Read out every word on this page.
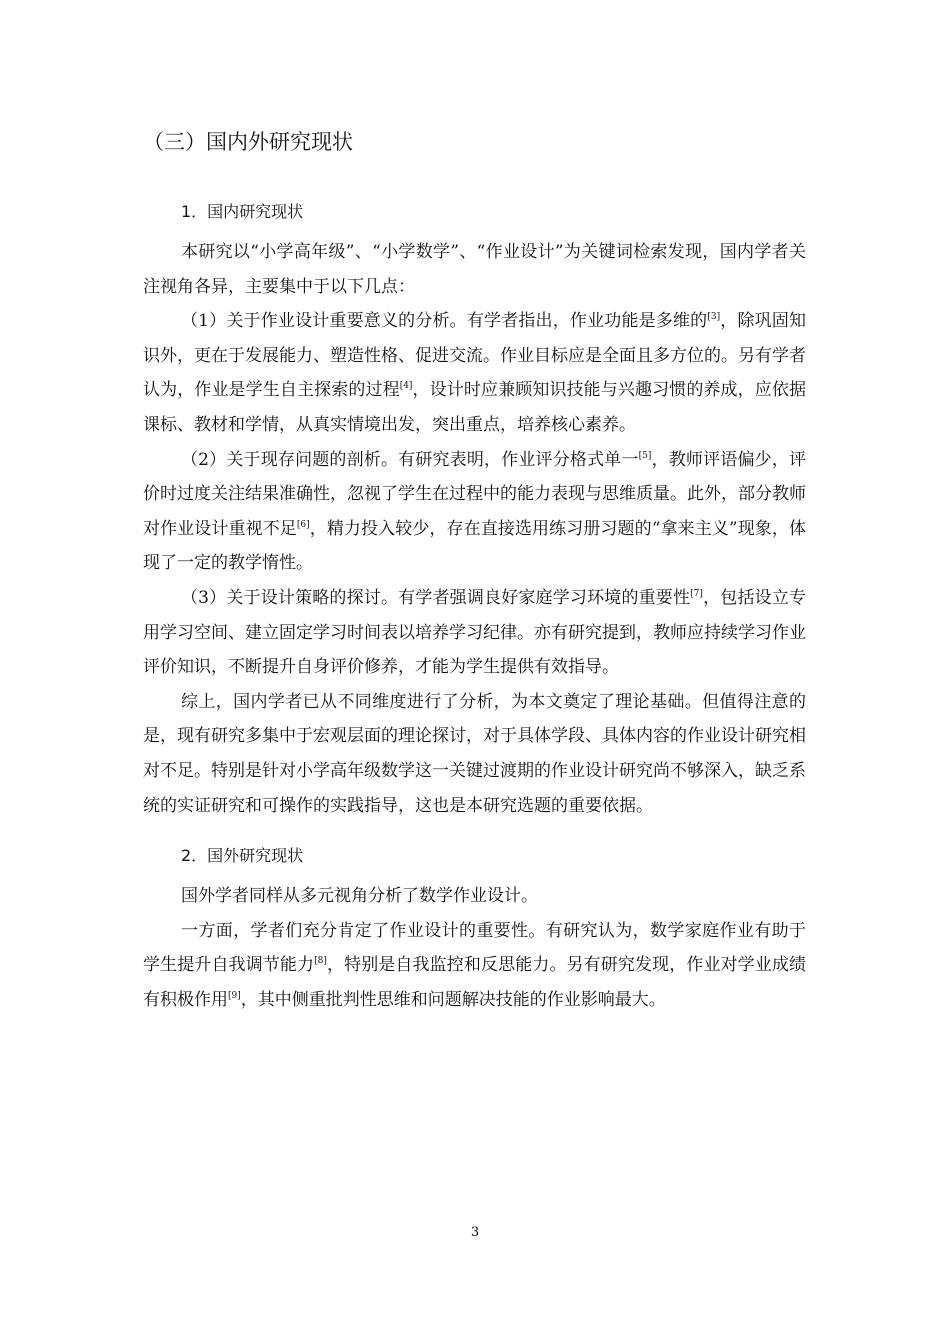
（三）国内外研究现状
1．国内研究现状

本研究以“小学高年级”、“小学数学”、“作业设计”为关键词检索发现，国内学者关注视角各异，主要集中于以下几点：

（1）关于作业设计重要意义的分析。有学者指出，作业功能是多维的[3]，除巩固知识外，更在于发展能力、塑造性格、促进交流。作业目标应是全面且多方位的。另有学者认为，作业是学生自主探索的过程[4]，设计时应兼顾知识技能与兴趣习惯的养成，应依据课标、教材和学情，从真实情境出发，突出重点，培养核心素养。

（2）关于现存问题的剖析。有研究表明，作业评分格式单一[5]，教师评语偏少，评价时过度关注结果准确性，忽视了学生在过程中的能力表现与思维质量。此外，部分教师对作业设计重视不足[6]，精力投入较少，存在直接选用练习册习题的“拿来主义”现象，体现了一定的教学惰性。

（3）关于设计策略的探讨。有学者强调良好家庭学习环境的重要性[7]，包括设立专用学习空间、建立固定学习时间表以培养学习纪律。亦有研究提到，教师应持续学习作业评价知识，不断提升自身评价修养，才能为学生提供有效指导。

综上，国内学者已从不同维度进行了分析，为本文奠定了理论基础。但值得注意的是，现有研究多集中于宏观层面的理论探讨，对于具体学段、具体内容的作业设计研究相对不足。特别是针对小学高年级数学这一关键过渡期的作业设计研究尚不够深入，缺乏系统的实证研究和可操作的实践指导，这也是本研究选题的重要依据。

2．国外研究现状

国外学者同样从多元视角分析了数学作业设计。

一方面，学者们充分肯定了作业设计的重要性。有研究认为，数学家庭作业有助于学生提升自我调节能力[8]，特别是自我监控和反思能力。另有研究发现，作业对学业成绩有积极作用[9]，其中侧重批判性思维和问题解决技能的作业影响最大。

3
